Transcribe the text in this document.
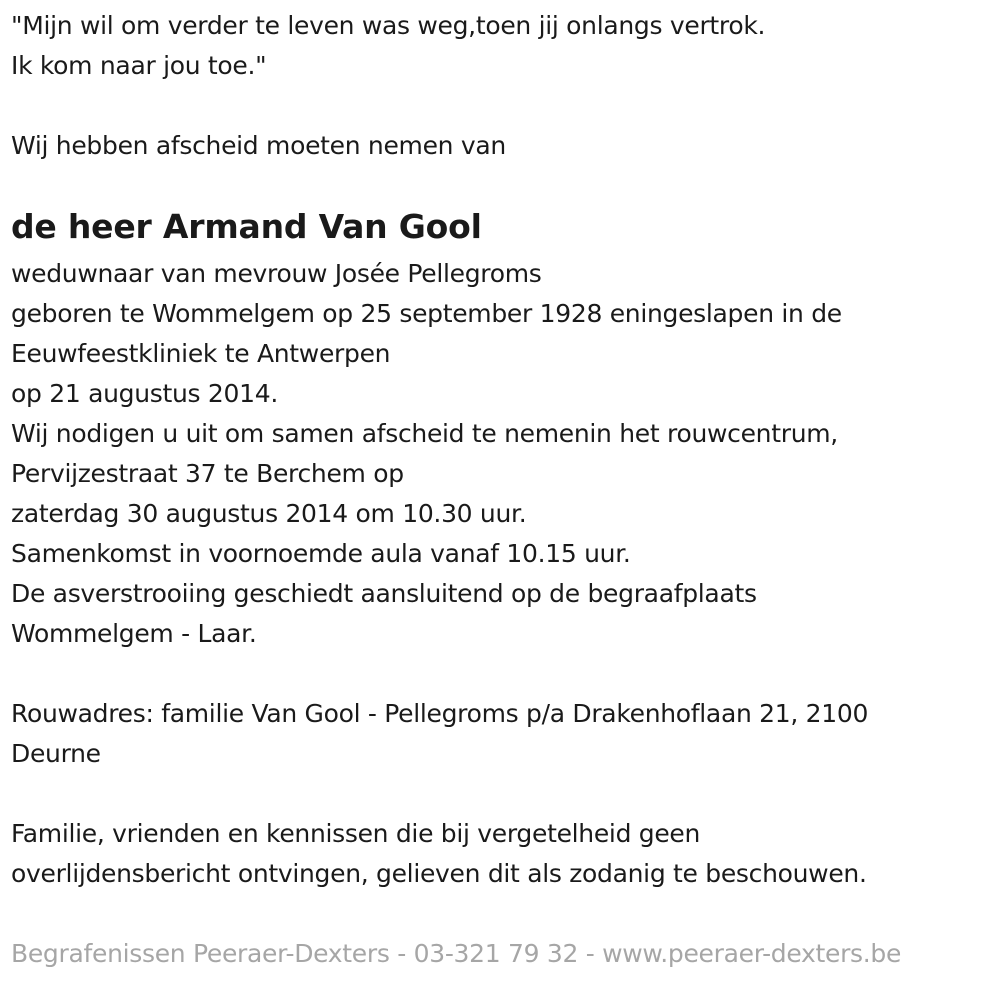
"Mijn wil om verder te leven was weg,toen jij onlangs vertrok.
Ik kom naar jou toe."
Wij hebben afscheid moeten nemen van
de heer Armand Van Gool
weduwnaar van mevrouw Josée Pellegroms
geboren te Wommelgem op 25 september 1928 eningeslapen in de
Eeuwfeestkliniek te Antwerpen
op 21 augustus 2014.
Wij nodigen u uit om samen afscheid te nemenin het rouwcentrum,
Pervijzestraat 37 te Berchem op
zaterdag 30 augustus 2014 om 10.30 uur.
Samenkomst in voornoemde aula vanaf 10.15 uur.
De asverstrooiing geschiedt aansluitend op de begraafplaats
Wommelgem - Laar.
Rouwadres: familie Van Gool - Pellegroms p/a Drakenhoflaan 21, 2100
Deurne
Familie, vrienden en kennissen die bij vergetelheid geen
overlijdensbericht ontvingen, gelieven dit als zodanig te beschouwen.
Begrafenissen Peeraer-Dexters - 03-321 79 32 - www.peeraer-dexters.be
